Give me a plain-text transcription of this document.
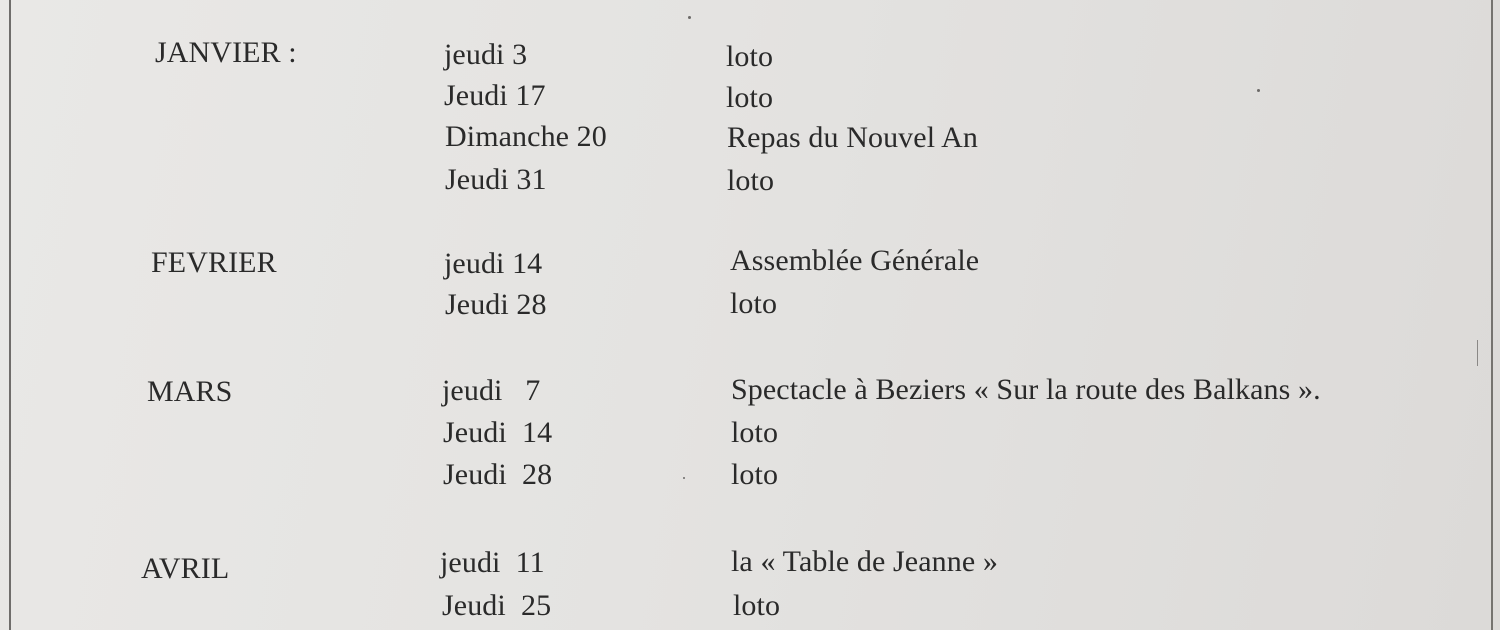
JANVIER :	jeudi 3	loto
Jeudi 17	loto
Dimanche 20	Repas du Nouvel An
Jeudi 31	loto
FEVRIER	jeudi 14	Assemblée Générale
Jeudi 28	loto
MARS	jeudi   7	Spectacle à Beziers « Sur la route des Balkans ».
Jeudi  14	loto
Jeudi  28	loto
AVRIL	jeudi  11	la « Table de Jeanne »
Jeudi  25	loto
